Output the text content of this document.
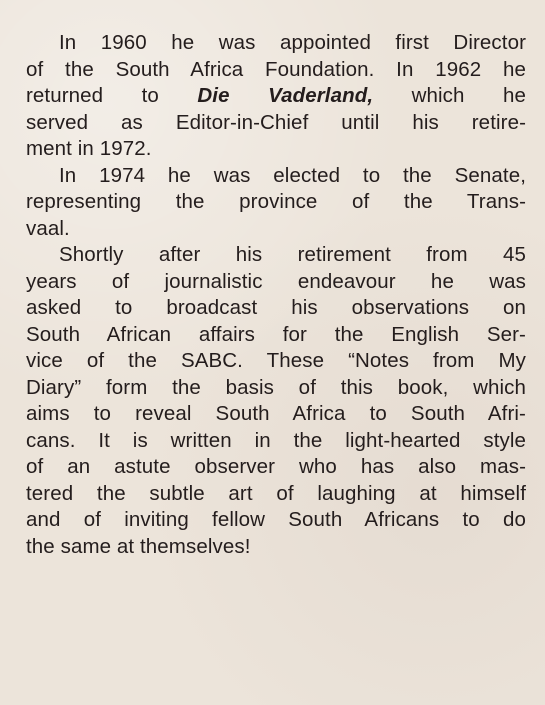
In 1960 he was appointed first Director
of the South Africa Foundation. In 1962 he
returned to Die Vaderland, which he
served as Editor-in-Chief until his retire-
ment in 1972.
In 1974 he was elected to the Senate,
representing the province of the Trans-
vaal.
Shortly after his retirement from 45
years of journalistic endeavour he was
asked to broadcast his observations on
South African affairs for the English Ser-
vice of the SABC. These “Notes from My
Diary” form the basis of this book, which
aims to reveal South Africa to South Afri-
cans. It is written in the light-hearted style
of an astute observer who has also mas-
tered the subtle art of laughing at himself
and of inviting fellow South Africans to do
the same at themselves!
